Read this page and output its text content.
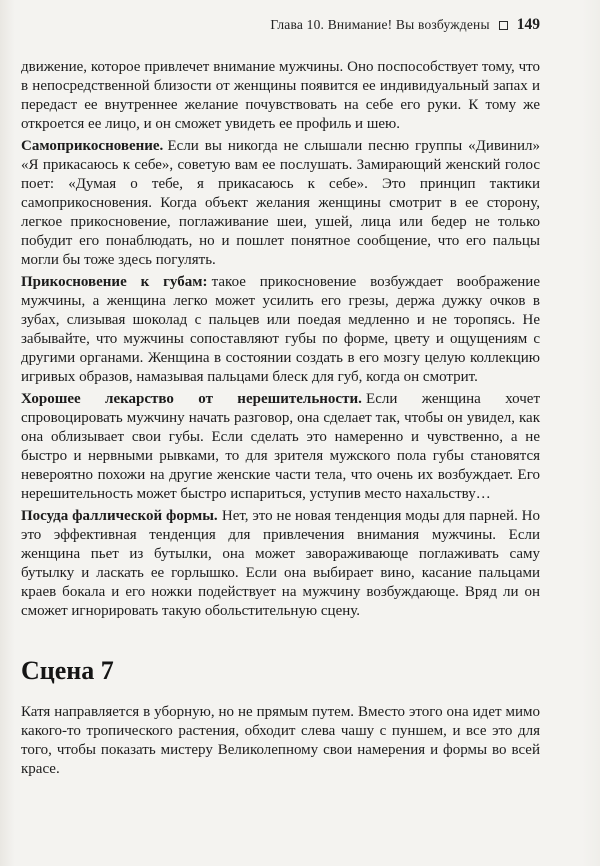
Глава 10. Внимание! Вы возбуждены 149

движение, которое привлечет внимание мужчины. Оно поспособствует тому, что в непосредственной близости от женщины появится ее индивидуальный запах и передаст ее внутреннее желание почувствовать на себе его руки. К тому же откроется ее лицо, и он сможет увидеть ее профиль и шею.

Самоприкосновение. Если вы никогда не слышали песню группы «Дивинил» «Я прикасаюсь к себе», советую вам ее послушать. Замирающий женский голос поет: «Думая о тебе, я прикасаюсь к себе». Это принцип тактики самоприкосновения. Когда объект желания женщины смотрит в ее сторону, легкое прикосновение, поглаживание шеи, ушей, лица или бедер не только побудит его понаблюдать, но и пошлет понятное сообщение, что его пальцы могли бы тоже здесь погулять.

Прикосновение к губам: такое прикосновение возбуждает воображение мужчины, а женщина легко может усилить его грезы, держа дужку очков в зубах, слизывая шоколад с пальцев или поедая медленно и не торопясь. Не забывайте, что мужчины сопоставляют губы по форме, цвету и ощущениям с другими органами. Женщина в состоянии создать в его мозгу целую коллекцию игривых образов, намазывая пальцами блеск для губ, когда он смотрит.

Хорошее лекарство от нерешительности. Если женщина хочет спровоцировать мужчину начать разговор, она сделает так, чтобы он увидел, как она облизывает свои губы. Если сделать это намеренно и чувственно, а не быстро и нервными рывками, то для зрителя мужского пола губы становятся невероятно похожи на другие женские части тела, что очень их возбуждает. Его нерешительность может быстро испариться, уступив место нахальству…

Посуда фаллической формы. Нет, это не новая тенденция моды для парней. Но это эффективная тенденция для привлечения внимания мужчины. Если женщина пьет из бутылки, она может завораживающе поглаживать саму бутылку и ласкать ее горлышко. Если она выбирает вино, касание пальцами краев бокала и его ножки подействует на мужчину возбуждающе. Вряд ли он сможет игнорировать такую обольстительную сцену.

Сцена 7

Катя направляется в уборную, но не прямым путем. Вместо этого она идет мимо какого-то тропического растения, обходит слева чашу с пуншем, и все это для того, чтобы показать мистеру Великолепному свои намерения и формы во всей красе.
